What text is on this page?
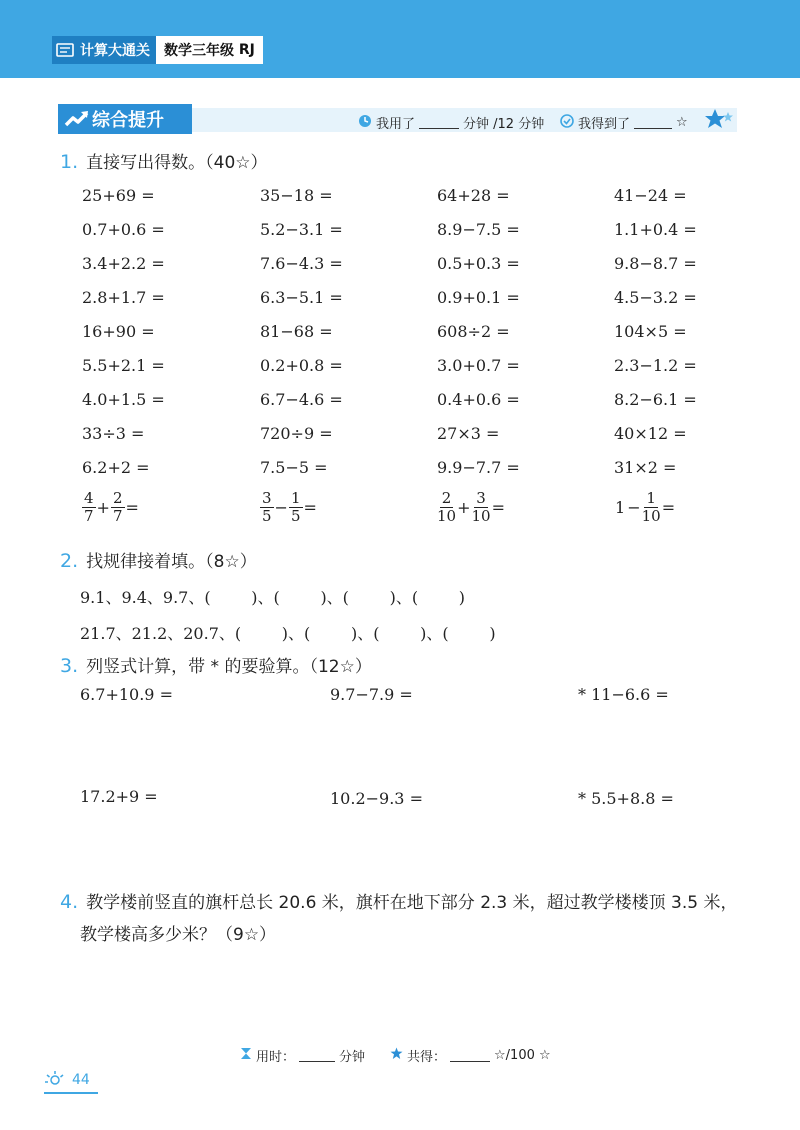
计算大通关	数学三年级
RJ
综合提升	我用了	分钟 /12 分钟	我得到了	☆
1. 直接写出得数。（40☆）
25+69 =	35−18 =	64+28 =	41−24 =
0.7+0.6 =	5.2−3.1 =	8.9−7.5 =	1.1+0.4 =
3.4+2.2 =	7.6−4.3 =	0.5+0.3 =	9.8−8.7 =
2.8+1.7 =	6.3−5.1 =	0.9+0.1 =	4.5−3.2 =
16+90 =	81−68 =	608÷2 =	104×5 =
5.5+2.1 =	0.2+0.8 =	3.0+0.7 =	2.3−1.2 =
4.0+1.5 =	6.7−4.6 =	0.4+0.6 =	8.2−6.1 =
33÷3 =	720÷9 =	27×3 =	40×12 =
6.2+2 =	7.5−5 =	9.9−7.7 =	31×2 =
$\frac{4}{7} + \frac{2}{7}$ =	$\frac{3}{5} - \frac{1}{5}$ =	$\frac{2}{10} + \frac{3}{10}$ =	$1 - \frac{1}{10}$ =
2. 找规律接着填。（8☆）
9.1、9.4、9.7、(        )、(        )、(        )、(        )
21.7、21.2、20.7、(        )、(        )、(        )、(        )
3. 列竖式计算，带 * 的要验算。（12☆）
6.7+10.9 =	9.7−7.9 =	* 11−6.6 =
17.2+9 =	10.2−9.3 =	* 5.5+8.8 =
4. 教学楼前竖直的旗杆总长 20.6 米，旗杆在地下部分 2.3 米，超过教学楼楼顶 3.5 米，
教学楼高多少米？（9☆）
用时：	分钟	共得：	☆/100 ☆
44
